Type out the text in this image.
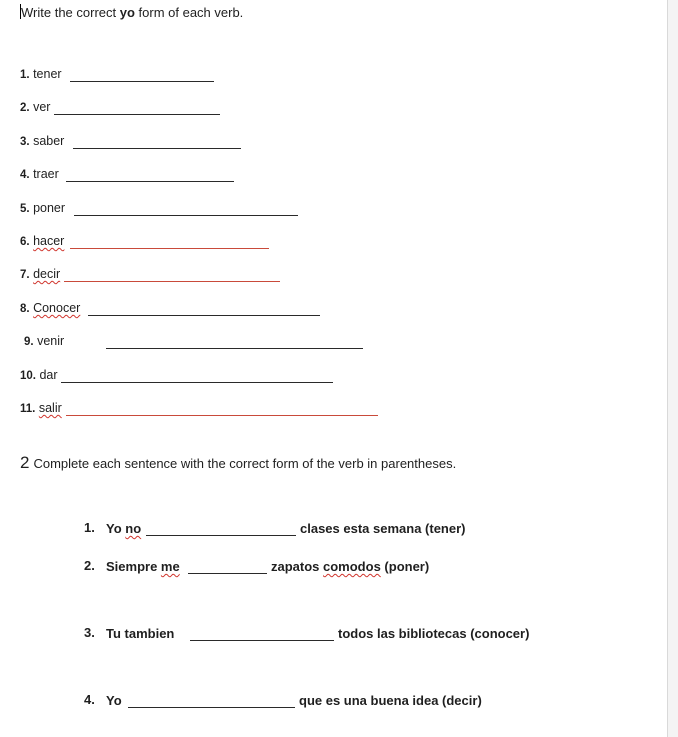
Write the correct yo form of each verb.
1. tener
2. ver
3. saber
4. traer
5. poner
6. hacer
7. decir
8. Conocer
9. venir
10. dar
11. salir
2 Complete each sentence with the correct form of the verb in parentheses.
1. Yo no	clases esta semana (tener)
2. Siempre me	zapatos comodos (poner)
3. Tu tambien	todos las bibliotecas (conocer)
4. Yo	que es una buena idea (decir)
